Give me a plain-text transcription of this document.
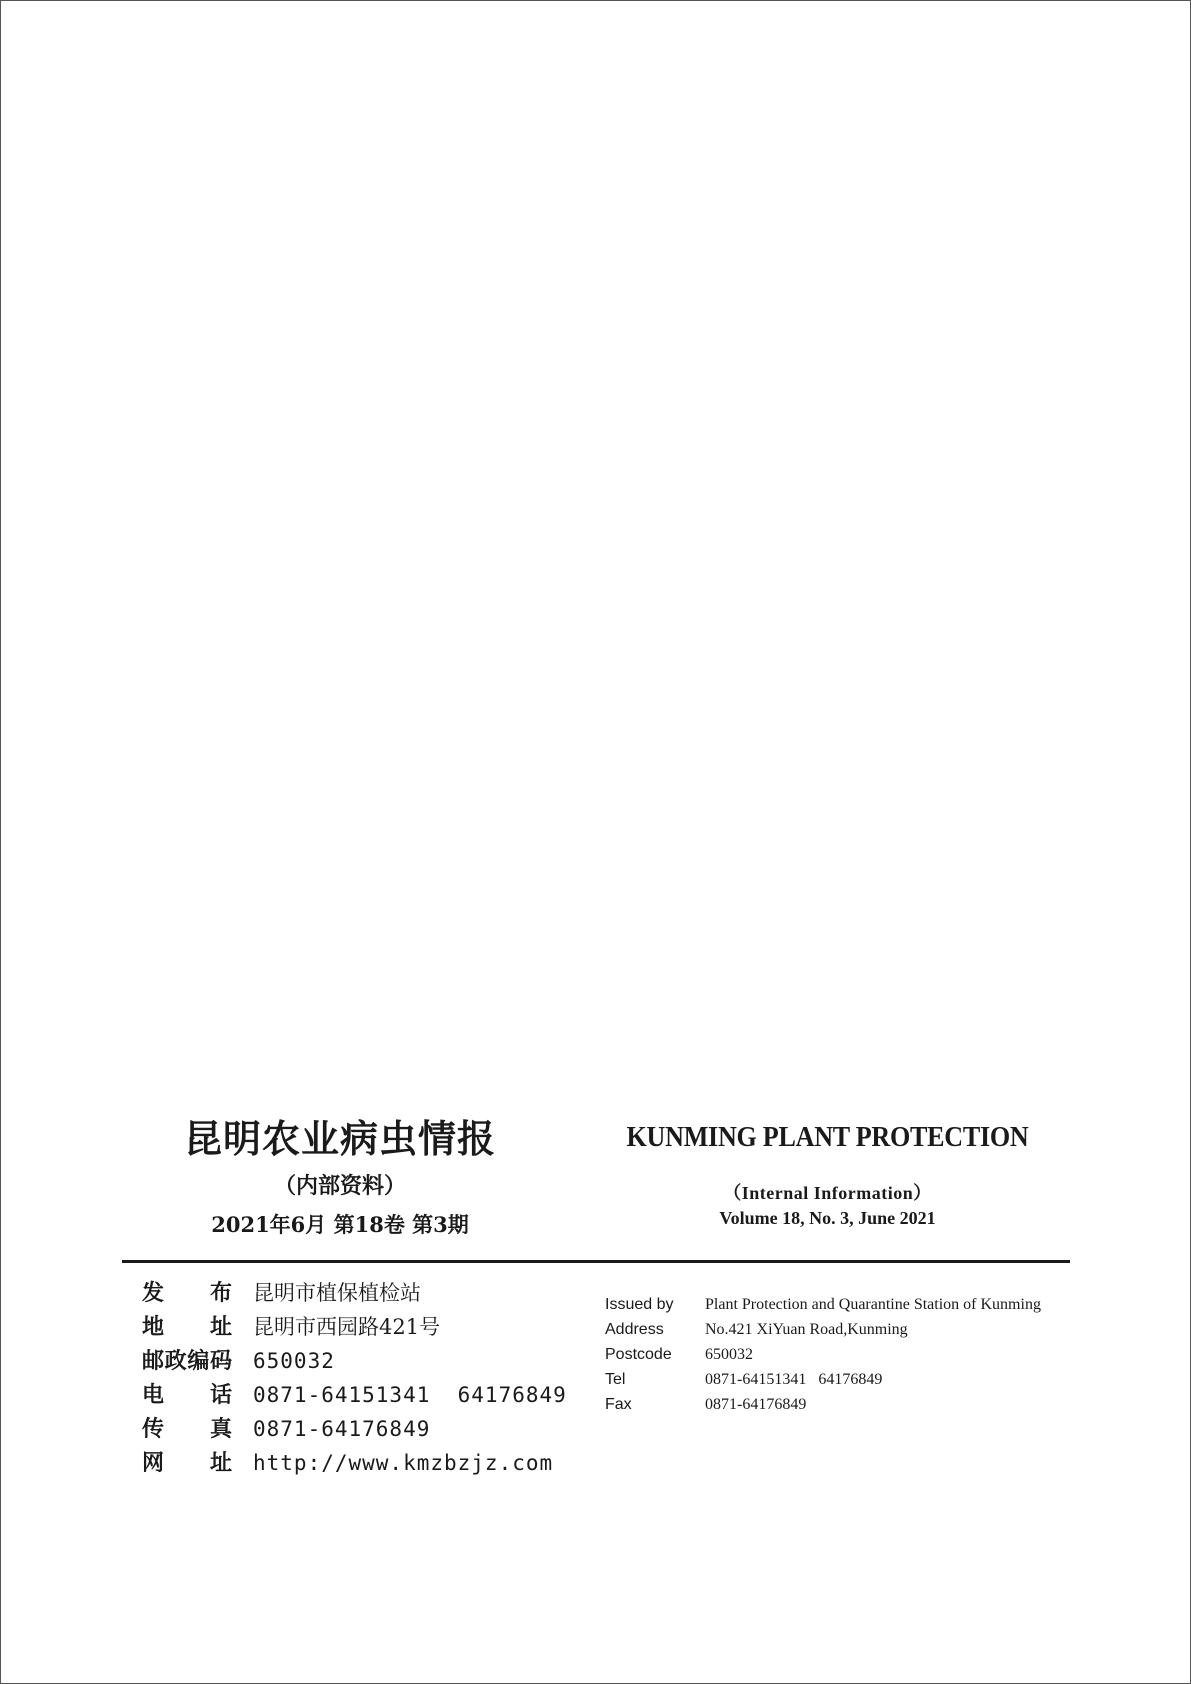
昆明农业病虫情报
（内部资料）
2021年6月 第18卷 第3期
KUNMING PLANT PROTECTION
（Internal Information）
Volume 18, No. 3, June 2021
发 布 昆明市植保植检站
地 址 昆明市西园路421号
邮 政 编 码 650032
电 话 0871-64151341  64176849
传 真 0871-64176849
网 址 http://www.kmzbzjz.com
Issued by Plant Protection and Quarantine Station of Kunming
Address	No.421 XiYuan Road,Kunming
Postcode 650032
Tel	0871-64151341   64176849
Fax	0871-64176849
